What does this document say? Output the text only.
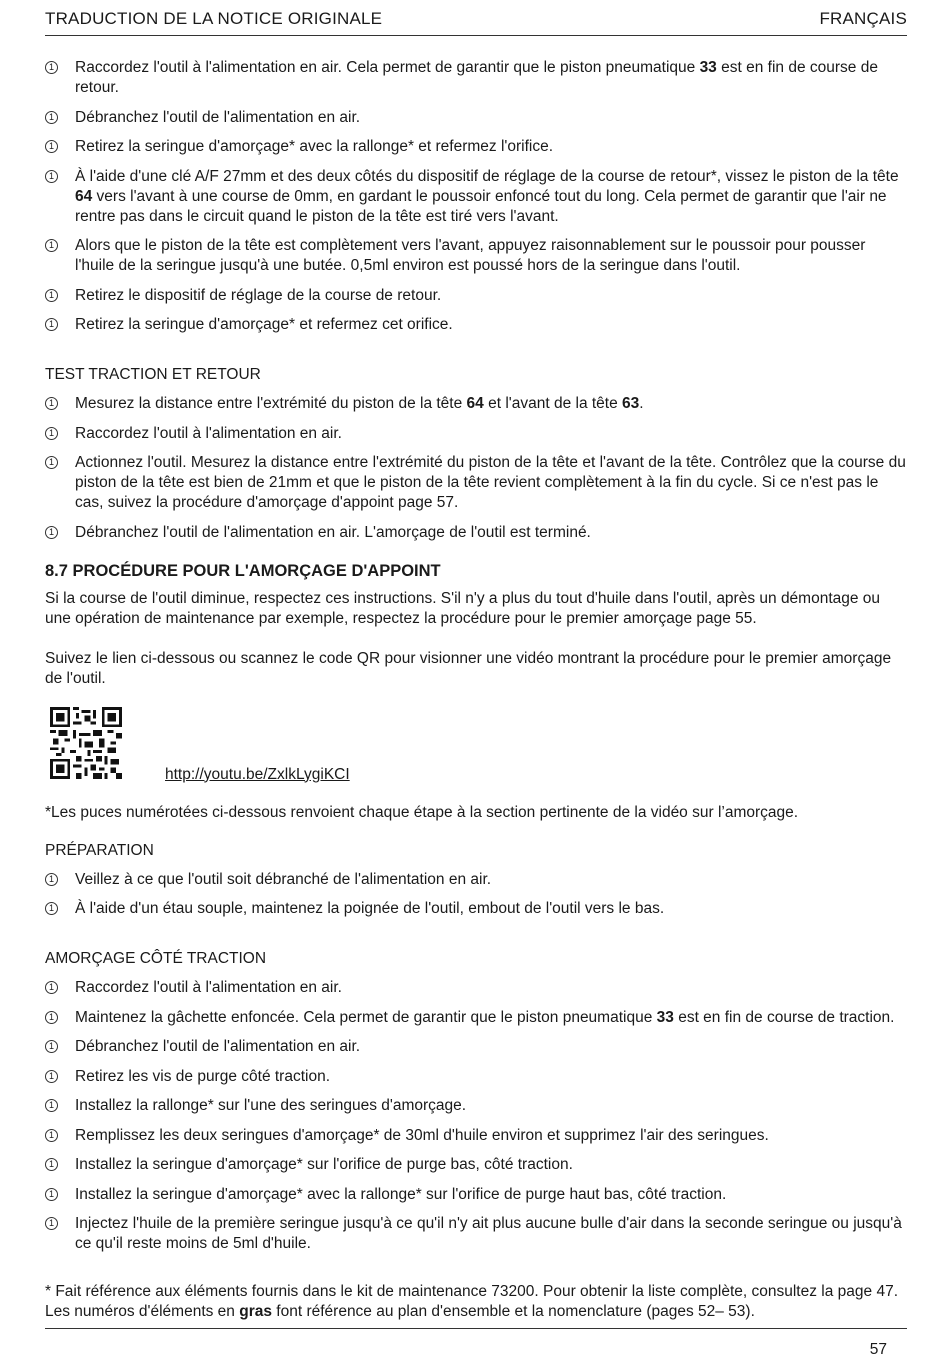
TRADUCTION DE LA NOTICE ORIGINALE	FRANÇAIS
1 Raccordez l'outil à l'alimentation en air. Cela permet de garantir que le piston pneumatique 33 est en fin de course de retour.
1 Débranchez l'outil de l'alimentation en air.
1 Retirez la seringue d'amorçage* avec la rallonge* et refermez l'orifice.
1 À l'aide d'une clé A/F 27mm et des deux côtés du dispositif de réglage de la course de retour*, vissez le piston de la tête 64 vers l'avant à une course de 0mm, en gardant le poussoir enfoncé tout du long. Cela permet de garantir que l'air ne rentre pas dans le circuit quand le piston de la tête est tiré vers l'avant.
1 Alors que le piston de la tête est complètement vers l'avant, appuyez raisonnablement sur le poussoir pour pousser l'huile de la seringue jusqu'à une butée. 0,5ml environ est poussé hors de la seringue dans l'outil.
1 Retirez le dispositif de réglage de la course de retour.
1 Retirez la seringue d'amorçage* et refermez cet orifice.
TEST TRACTION ET RETOUR
1 Mesurez la distance entre l'extrémité du piston de la tête 64 et l'avant de la tête 63.
1 Raccordez l'outil à l'alimentation en air.
1 Actionnez l'outil. Mesurez la distance entre l'extrémité du piston de la tête et l'avant de la tête. Contrôlez que la course du piston de la tête est bien de 21mm et que le piston de la tête revient complètement à la fin du cycle. Si ce n'est pas le cas, suivez la procédure d'amorçage d'appoint page 57.
1 Débranchez l'outil de l'alimentation en air. L'amorçage de l'outil est terminé.
8.7 PROCÉDURE POUR L'AMORÇAGE D'APPOINT

Si la course de l'outil diminue, respectez ces instructions. S'il n'y a plus du tout d'huile dans l'outil, après un démontage ou une opération de maintenance par exemple, respectez la procédure pour le premier amorçage page 55.

Suivez le lien ci-dessous ou scannez le code QR pour visionner une vidéo montrant la procédure pour le premier amorçage de l'outil.

http://youtu.be/ZxlkLygiKCI

*Les puces numérotées ci-dessous renvoient chaque étape à la section pertinente de la vidéo sur l’amorçage.

PRÉPARATION
1 Veillez à ce que l'outil soit débranché de l'alimentation en air.
1 À l'aide d'un étau souple, maintenez la poignée de l'outil, embout de l'outil vers le bas.
AMORÇAGE CÔTÉ TRACTION
1 Raccordez l'outil à l'alimentation en air.
1 Maintenez la gâchette enfoncée. Cela permet de garantir que le piston pneumatique 33 est en fin de course de traction.
1 Débranchez l'outil de l'alimentation en air.
1 Retirez les vis de purge côté traction.
1 Installez la rallonge* sur l'une des seringues d'amorçage.
1 Remplissez les deux seringues d'amorçage* de 30ml d'huile environ et supprimez l'air des seringues.
1 Installez la seringue d'amorçage* sur l'orifice de purge bas, côté traction.
1 Installez la seringue d'amorçage* avec la rallonge* sur l'orifice de purge haut bas, côté traction.
1 Injectez l'huile de la première seringue jusqu'à ce qu'il n'y ait plus aucune bulle d'air dans la seconde seringue ou jusqu'à ce qu'il reste moins de 5ml d'huile.
* Fait référence aux éléments fournis dans le kit de maintenance 73200. Pour obtenir la liste complète, consultez la page 47.
Les numéros d'éléments en gras font référence au plan d'ensemble et la nomenclature (pages 52– 53).
57
